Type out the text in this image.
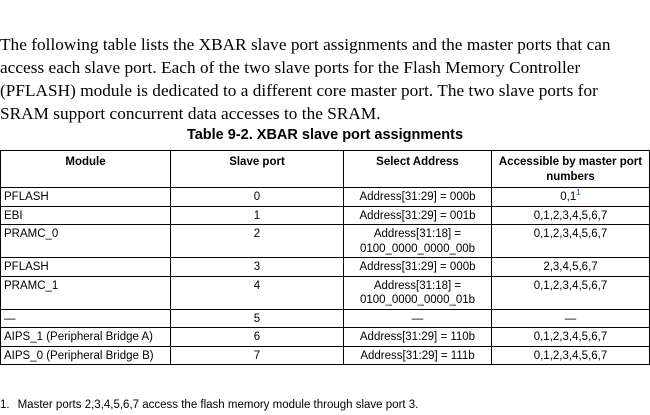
The following table lists the XBAR slave port assignments and the master ports that can access each slave port. Each of the two slave ports for the Flash Memory Controller (PFLASH) module is dedicated to a different core master port. The two slave ports for SRAM support concurrent data accesses to the SRAM.

Table 9-2. XBAR slave port assignments
Module	Slave port	Select Address	Accessible by master port numbers
PFLASH	0	Address[31:29] = 000b	0,1$^1$
EBI	1	Address[31:29] = 001b	0,1,2,3,4,5,6,7
PRAMC_0	2	Address[31:18] =
0100_0000_0000_00b	0,1,2,3,4,5,6,7
PFLASH	3	Address[31:29] = 000b	2,3,4,5,6,7
PRAMC_1	4	Address[31:18] =
0100_0000_0000_01b	0,1,2,3,4,5,6,7
—	5	—	—
AIPS_1 (Peripheral Bridge A)	6	Address[31:29] = 110b	0,1,2,3,4,5,6,7
AIPS_0 (Peripheral Bridge B)	7	Address[31:29] = 111b	0,1,2,3,4,5,6,7
1. Master ports 2,3,4,5,6,7 access the flash memory module through slave port 3.
